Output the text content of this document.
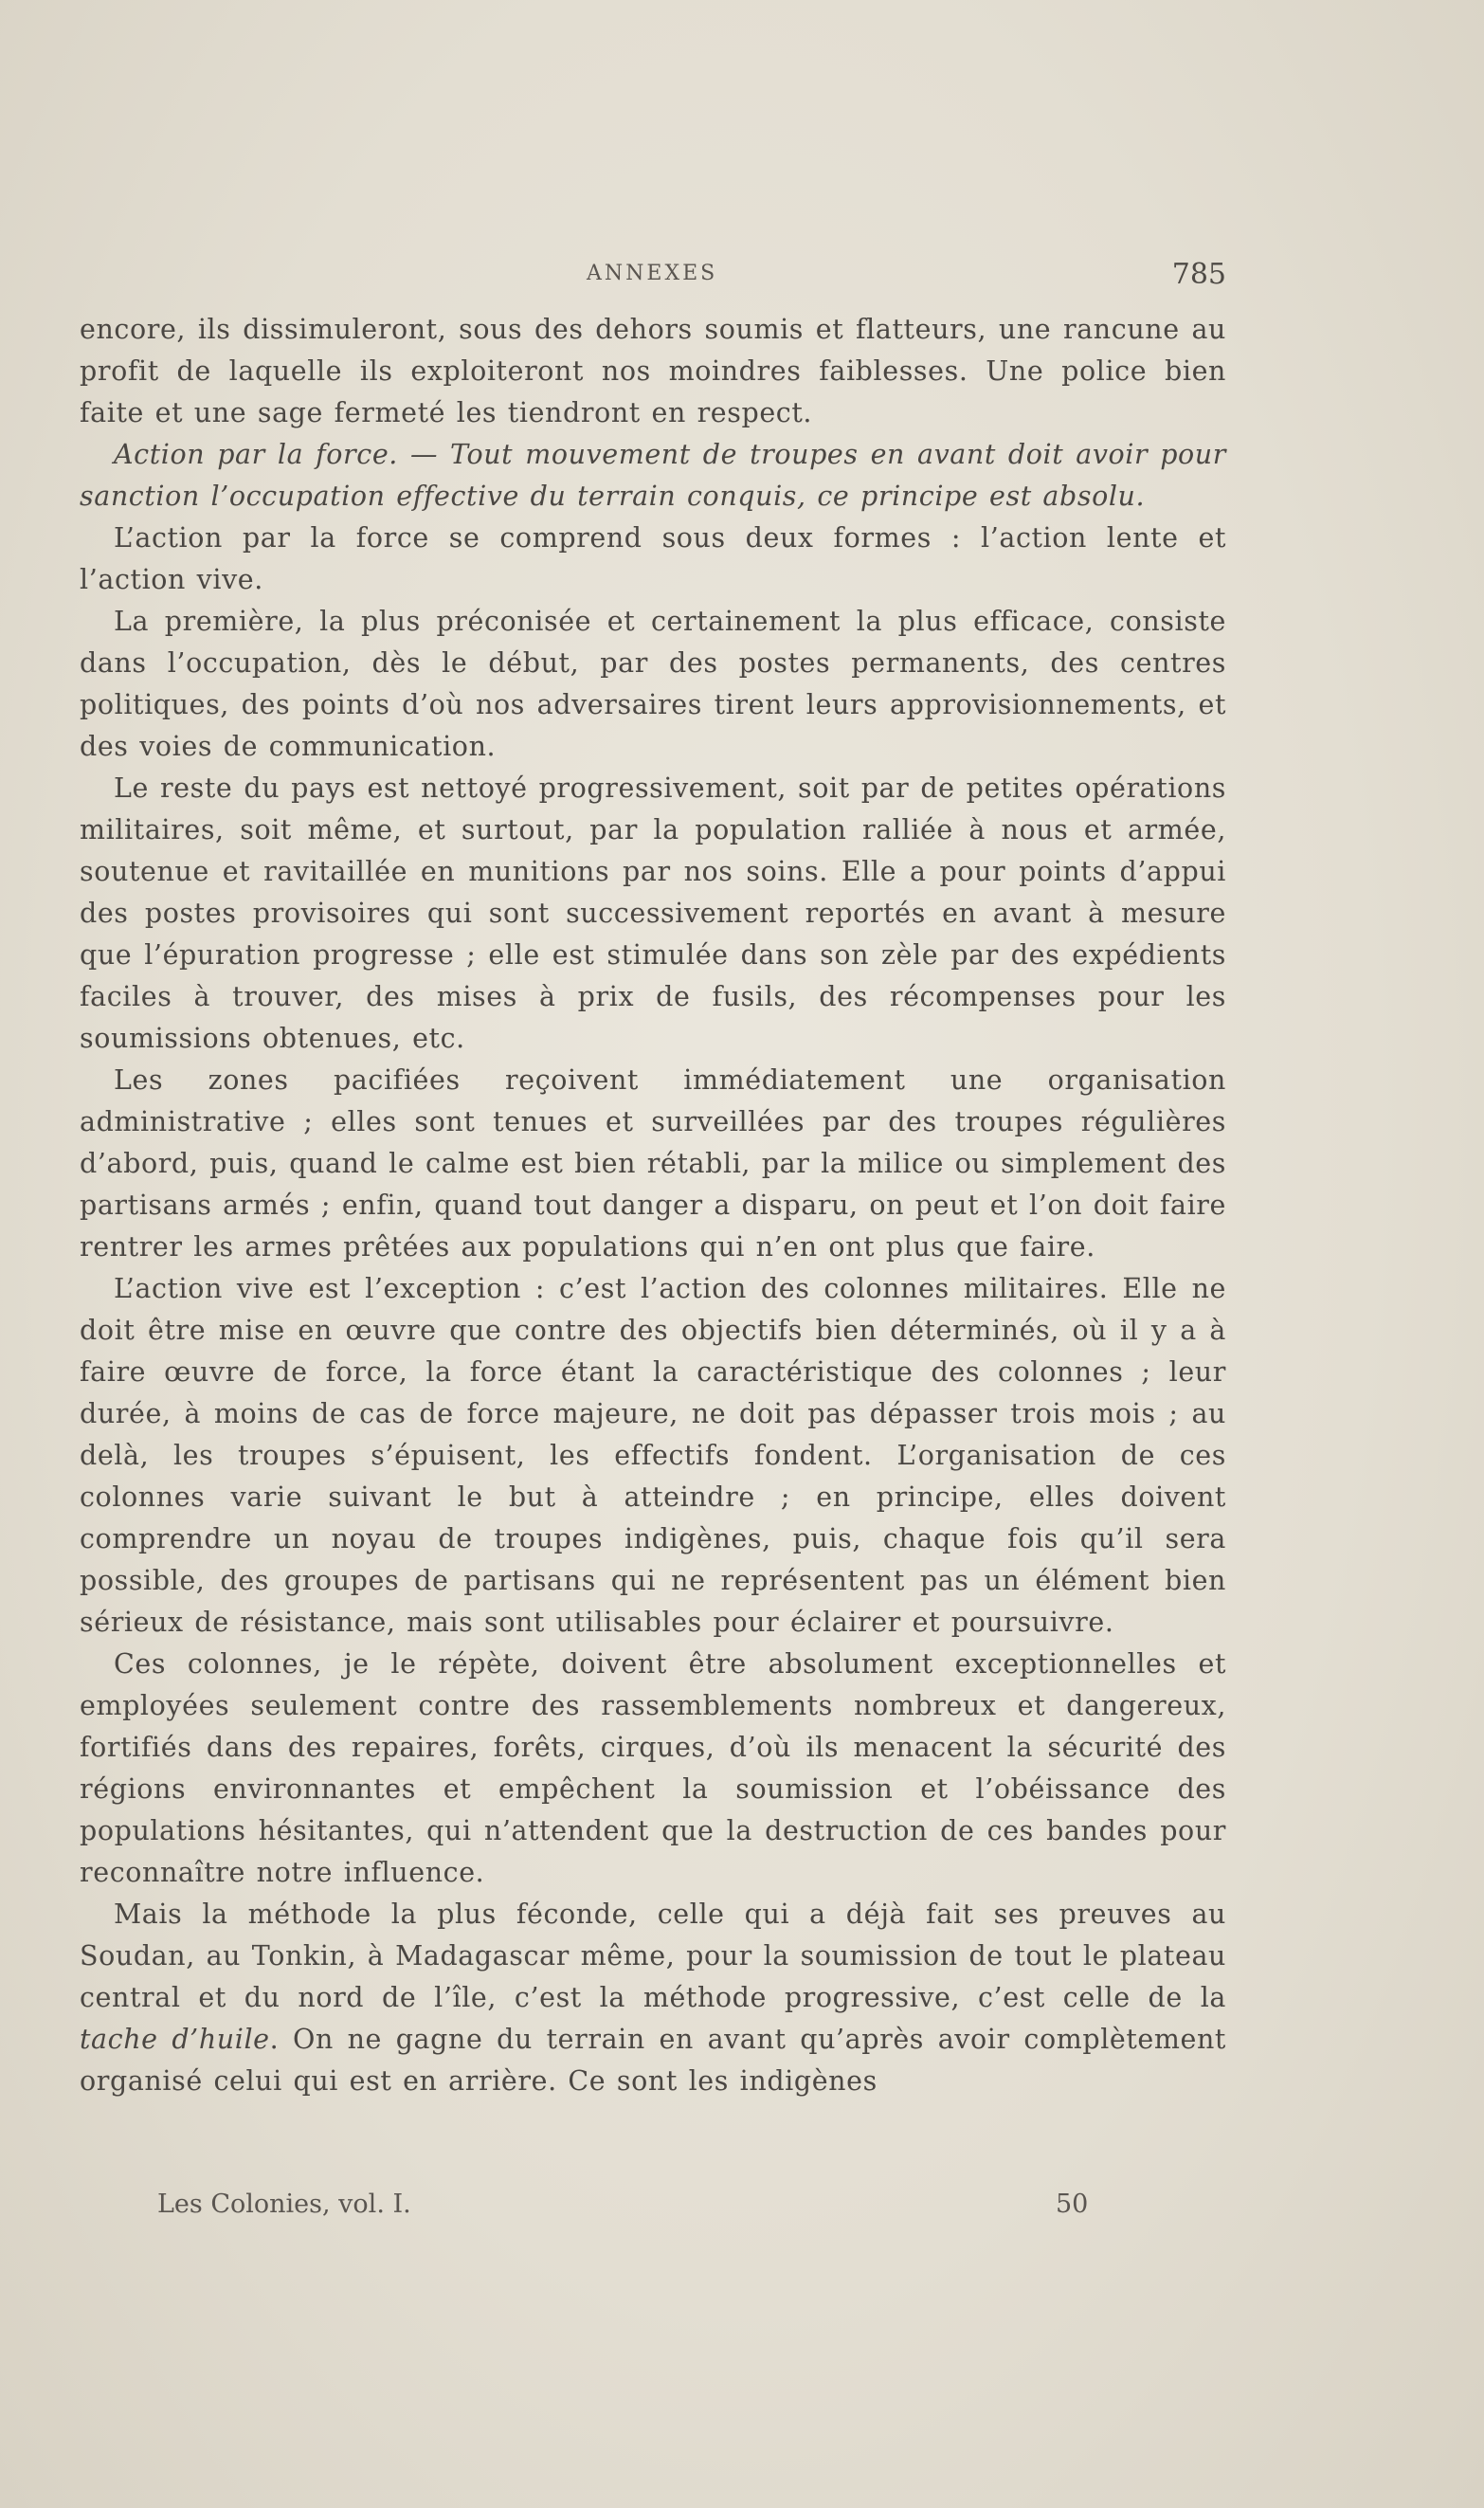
ANNEXES	785

encore, ils dissimuleront, sous des dehors soumis et flatteurs, une rancune au profit de laquelle ils exploiteront nos moindres faiblesses. Une police bien faite et une sage fermeté les tiendront en respect.

Action par la force. — Tout mouvement de troupes en avant doit avoir pour sanction l’occupation effective du terrain conquis, ce principe est absolu.

L’action par la force se comprend sous deux formes : l’action lente et l’action vive.

La première, la plus préconisée et certainement la plus efficace, consiste dans l’occupation, dès le début, par des postes permanents, des centres politiques, des points d’où nos adversaires tirent leurs approvisionnements, et des voies de communication.

Le reste du pays est nettoyé progressivement, soit par de petites opérations militaires, soit même, et surtout, par la population ralliée à nous et armée, soutenue et ravitaillée en munitions par nos soins. Elle a pour points d’appui des postes provisoires qui sont successivement reportés en avant à mesure que l’épuration progresse ; elle est stimulée dans son zèle par des expédients faciles à trouver, des mises à prix de fusils, des récompenses pour les soumissions obtenues, etc.

Les zones pacifiées reçoivent immédiatement une organisation administrative ; elles sont tenues et surveillées par des troupes régulières d’abord, puis, quand le calme est bien rétabli, par la milice ou simplement des partisans armés ; enfin, quand tout danger a disparu, on peut et l’on doit faire rentrer les armes prêtées aux populations qui n’en ont plus que faire.

L’action vive est l’exception : c’est l’action des colonnes militaires. Elle ne doit être mise en œuvre que contre des objectifs bien déterminés, où il y a à faire œuvre de force, la force étant la caractéristique des colonnes ; leur durée, à moins de cas de force majeure, ne doit pas dépasser trois mois ; au delà, les troupes s’épuisent, les effectifs fondent. L’organisation de ces colonnes varie suivant le but à atteindre ; en principe, elles doivent comprendre un noyau de troupes indigènes, puis, chaque fois qu’il sera possible, des groupes de partisans qui ne représentent pas un élément bien sérieux de résistance, mais sont utilisables pour éclairer et poursuivre.

Ces colonnes, je le répète, doivent être absolument exceptionnelles et employées seulement contre des rassemblements nombreux et dangereux, fortifiés dans des repaires, forêts, cirques, d’où ils menacent la sécurité des régions environnantes et empêchent la soumission et l’obéissance des populations hésitantes, qui n’attendent que la destruction de ces bandes pour reconnaître notre influence.

Mais la méthode la plus féconde, celle qui a déjà fait ses preuves au Soudan, au Tonkin, à Madagascar même, pour la soumission de tout le plateau central et du nord de l’île, c’est la méthode progressive, c’est celle de la tache d’huile. On ne gagne du terrain en avant qu’après avoir complètement organisé celui qui est en arrière. Ce sont les indigènes

Les Colonies, vol. I.	50
